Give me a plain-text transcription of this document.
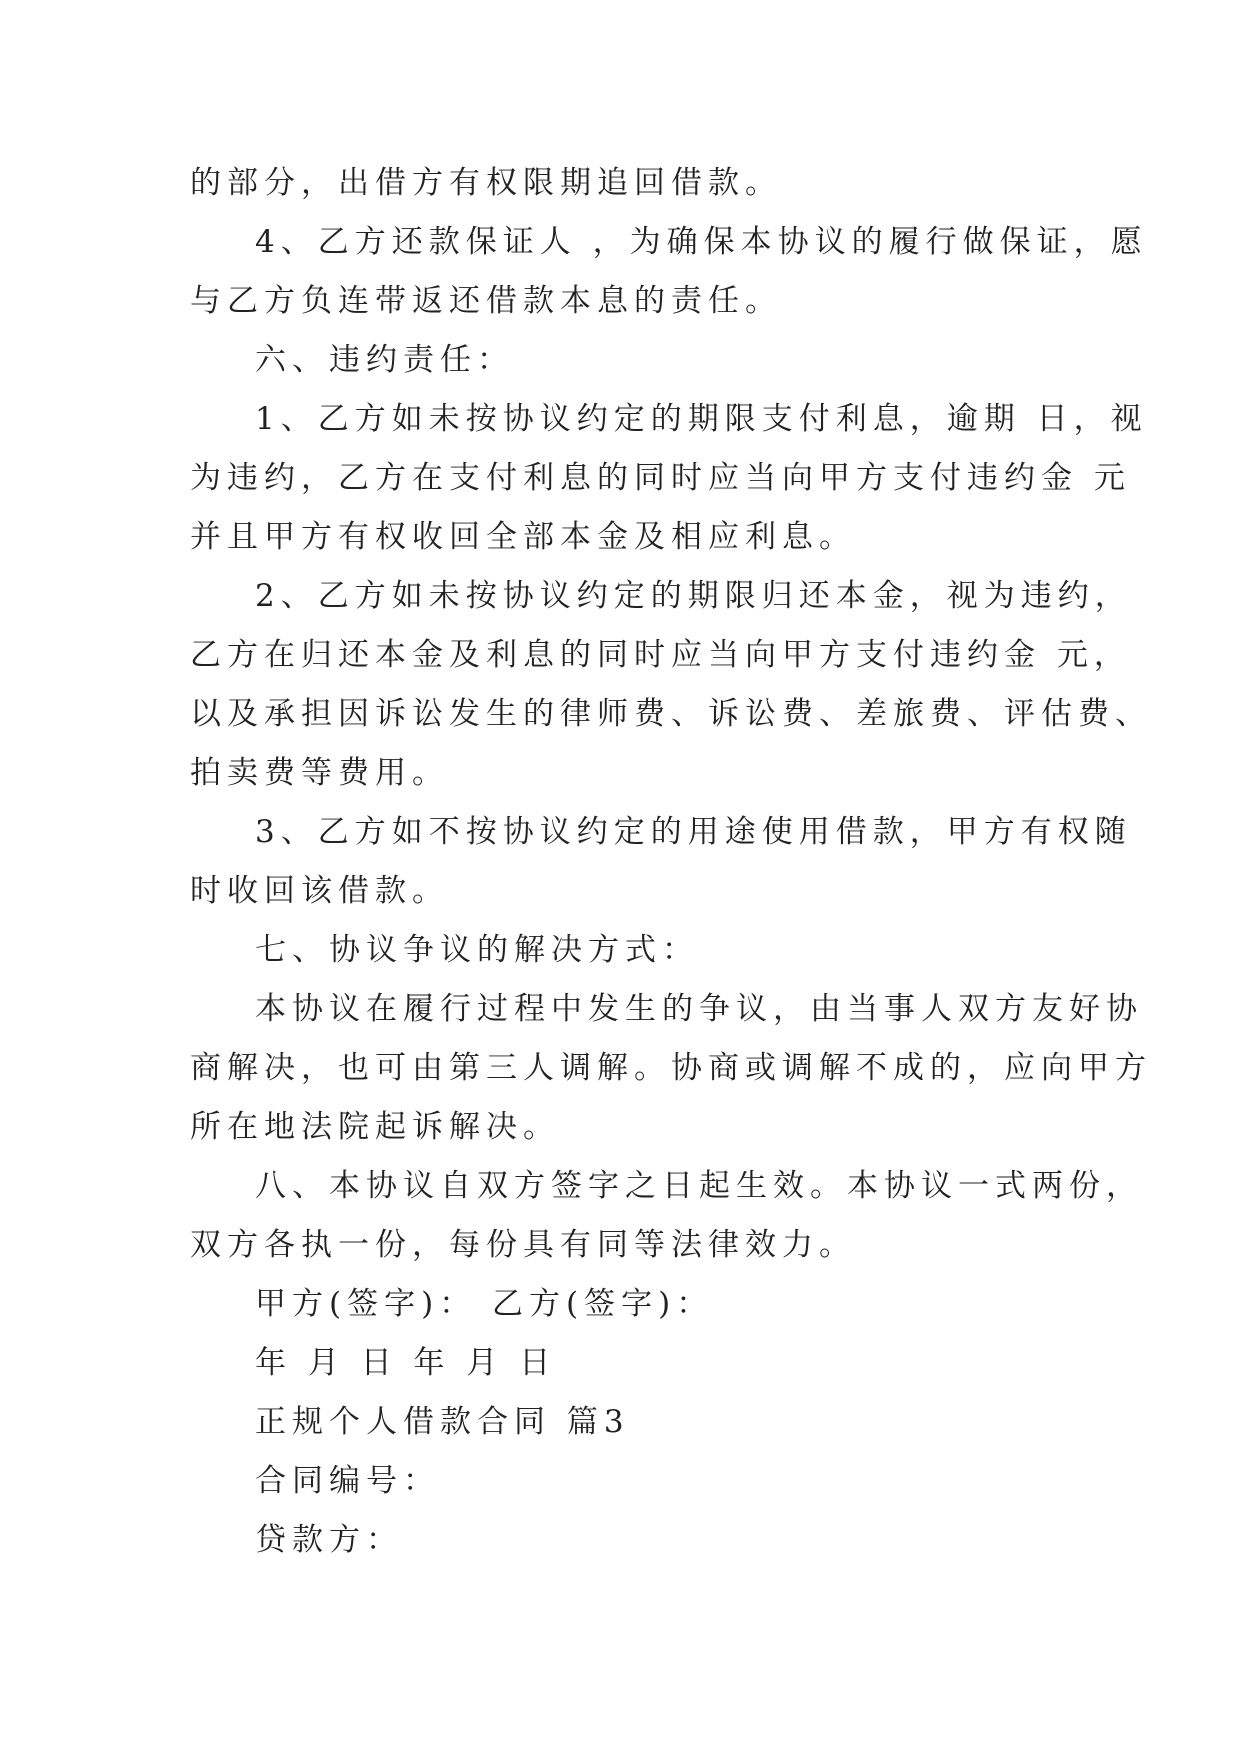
的部分，出借方有权限期追回借款。
4、乙方还款保证人 ，为确保本协议的履行做保证，愿
与乙方负连带返还借款本息的责任。
六、违约责任：
1、乙方如未按协议约定的期限支付利息，逾期 日，视
为违约，乙方在支付利息的同时应当向甲方支付违约金 元
并且甲方有权收回全部本金及相应利息。
2、乙方如未按协议约定的期限归还本金，视为违约，
乙方在归还本金及利息的同时应当向甲方支付违约金 元，
以及承担因诉讼发生的律师费、诉讼费、差旅费、评估费、
拍卖费等费用。
3、乙方如不按协议约定的用途使用借款，甲方有权随
时收回该借款。
七、协议争议的解决方式：
本协议在履行过程中发生的争议，由当事人双方友好协
商解决，也可由第三人调解。协商或调解不成的，应向甲方
所在地法院起诉解决。
八、本协议自双方签字之日起生效。本协议一式两份，
双方各执一份，每份具有同等法律效力。
甲方(签字)： 乙方(签字)：
年 月 日 年 月 日
正规个人借款合同 篇3
合同编号：
贷款方：
